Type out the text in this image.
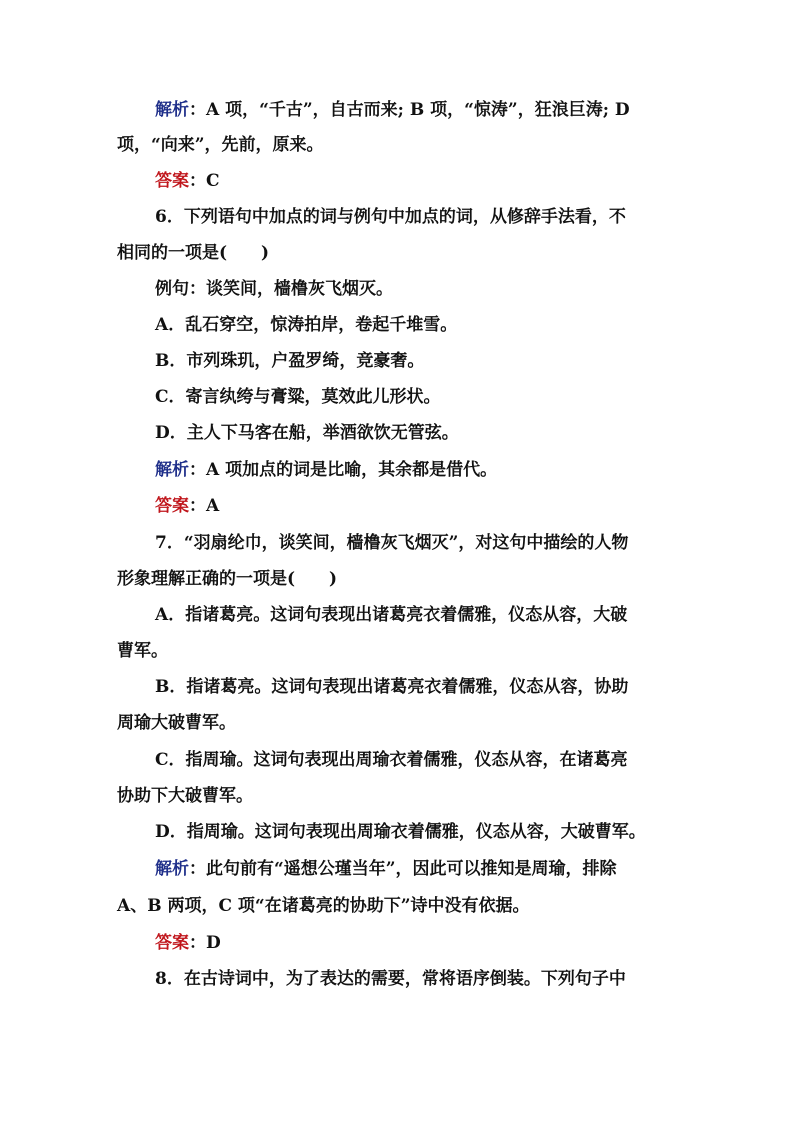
解析：A 项，“千古”，自古而来; B 项，“惊涛”，狂浪巨涛; D
项，“向来”，先前，原来。
答案：C
6．下列语句中加点的词与例句中加点的词，从修辞手法看，不
相同的一项是(　　)
例句：谈笑间，樯橹灰飞烟灭。
A．乱石穿空，惊涛拍岸，卷起千堆雪。
B．市列珠玑，户盈罗绮，竞豪奢。
C．寄言纨绔与膏粱，莫效此儿形状。
D．主人下马客在船，举酒欲饮无管弦。
解析：A 项加点的词是比喻，其余都是借代。
答案：A
7．“羽扇纶巾，谈笑间，樯橹灰飞烟灭”，对这句中描绘的人物
形象理解正确的一项是(　　)
A．指诸葛亮。这词句表现出诸葛亮衣着儒雅，仪态从容，大破
曹军。
B．指诸葛亮。这词句表现出诸葛亮衣着儒雅，仪态从容，协助
周瑜大破曹军。
C．指周瑜。这词句表现出周瑜衣着儒雅，仪态从容，在诸葛亮
协助下大破曹军。
D．指周瑜。这词句表现出周瑜衣着儒雅，仪态从容，大破曹军。
解析：此句前有“遥想公瑾当年”，因此可以推知是周瑜，排除
A、B 两项，C 项“在诸葛亮的协助下”诗中没有依据。
答案：D
8．在古诗词中，为了表达的需要，常将语序倒装。下列句子中
